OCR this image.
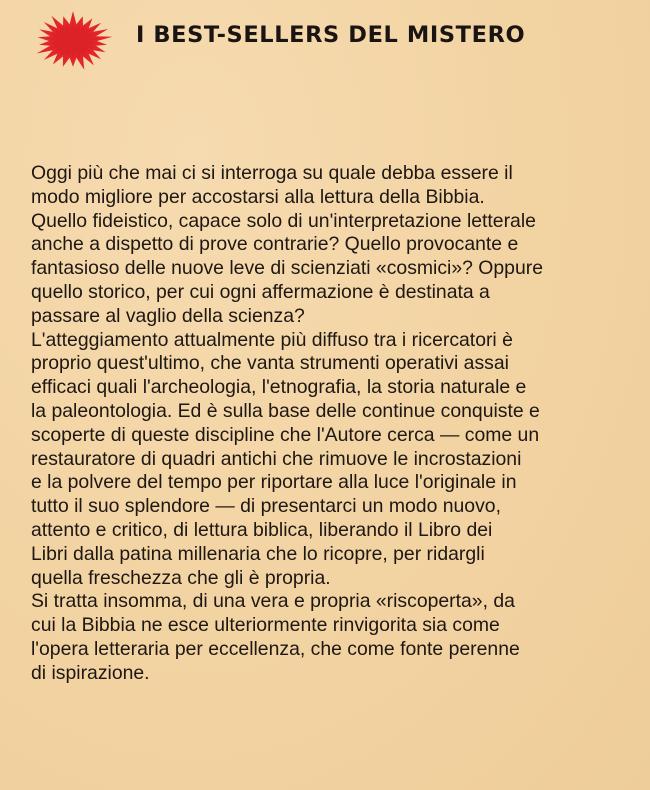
I BEST-SELLERS DEL MISTERO
Oggi più che mai ci si interroga su quale debba essere il
modo migliore per accostarsi alla lettura della Bibbia.
Quello fideistico, capace solo di un'interpretazione letterale
anche a dispetto di prove contrarie? Quello provocante e
fantasioso delle nuove leve di scienziati «cosmici»? Oppure
quello storico, per cui ogni affermazione è destinata a
passare al vaglio della scienza?
L'atteggiamento attualmente più diffuso tra i ricercatori è
proprio quest'ultimo, che vanta strumenti operativi assai
efficaci quali l'archeologia, l'etnografia, la storia naturale e
la paleontologia. Ed è sulla base delle continue conquiste e
scoperte di queste discipline che l'Autore cerca — come un
restauratore di quadri antichi che rimuove le incrostazioni
e la polvere del tempo per riportare alla luce l'originale in
tutto il suo splendore — di presentarci un modo nuovo,
attento e critico, di lettura biblica, liberando il Libro dei
Libri dalla patina millenaria che lo ricopre, per ridargli
quella freschezza che gli è propria.
Si tratta insomma, di una vera e propria «riscoperta», da
cui la Bibbia ne esce ulteriormente rinvigorita sia come
l'opera letteraria per eccellenza, che come fonte perenne
di ispirazione.
